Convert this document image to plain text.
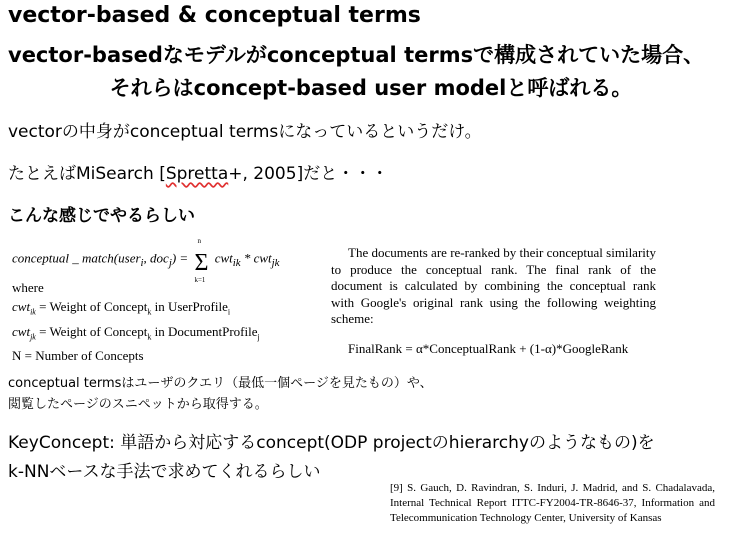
vector-based & conceptual terms
vector-basedなモデルがconceptual termsで構成されていた場合、
それらはconcept-based user modelと呼ばれる。
vectorの中身がconceptual termsになっているというだけ。
たとえばMiSearch [Spretta+, 2005]だと・・・
こんな感じでやるらしい
conceptual _ match(user$_i$, doc$_j$) =
n
Σ
k=1
cwt$_{ik}$ * cwt$_{jk}$
where
cwt$_{ik}$ = Weight of Concept$_k$ in UserProfile$_i$
cwt$_{jk}$ = Weight of Concept$_k$ in DocumentProfile$_j$
N = Number of Concepts
The documents are re-ranked by their conceptual similarity to produce the conceptual rank. The final rank of the document is calculated by combining the conceptual rank with Google's original rank using the following weighting scheme:
FinalRank = α*ConceptualRank + (1-α)*GoogleRank
conceptual termsはユーザのクエリ（最低一個ページを見たもの）や、
閲覧したページのスニペットから取得する。
KeyConcept: 単語から対応するconcept(ODP projectのhierarchyのようなもの)を
k-NNベースな手法で求めてくれるらしい
[9] S. Gauch, D. Ravindran, S. Induri, J. Madrid, and S. Chadalavada, Internal Technical Report ITTC-FY2004-TR-8646-37, Information and Telecommunication Technology Center, University of Kansas
